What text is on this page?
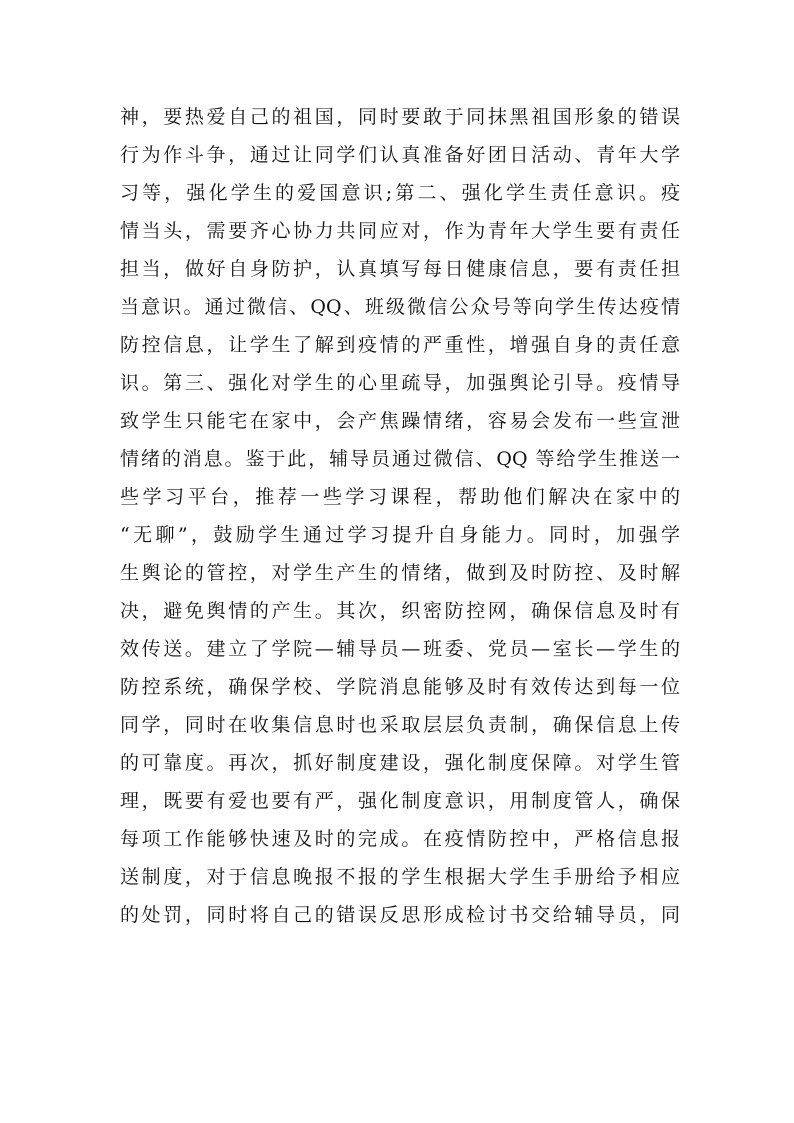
神，要热爱自己的祖国，同时要敢于同抹黑祖国形象的错误
行为作斗争，通过让同学们认真准备好团日活动、青年大学
习等，强化学生的爱国意识;第二、强化学生责任意识。疫
情当头，需要齐心协力共同应对，作为青年大学生要有责任
担当，做好自身防护，认真填写每日健康信息，要有责任担
当意识。通过微信、QQ、班级微信公众号等向学生传达疫情
防控信息，让学生了解到疫情的严重性，增强自身的责任意
识。第三、强化对学生的心里疏导，加强舆论引导。疫情导
致学生只能宅在家中，会产焦躁情绪，容易会发布一些宣泄
情绪的消息。鉴于此，辅导员通过微信、QQ 等给学生推送一
些学习平台，推荐一些学习课程，帮助他们解决在家中的
“无聊”，鼓励学生通过学习提升自身能力。同时，加强学
生舆论的管控，对学生产生的情绪，做到及时防控、及时解
决，避免舆情的产生。其次，织密防控网，确保信息及时有
效传送。建立了学院—辅导员—班委、党员—室长—学生的
防控系统，确保学校、学院消息能够及时有效传达到每一位
同学，同时在收集信息时也采取层层负责制，确保信息上传
的可靠度。再次，抓好制度建设，强化制度保障。对学生管
理，既要有爱也要有严，强化制度意识，用制度管人，确保
每项工作能够快速及时的完成。在疫情防控中，严格信息报
送制度，对于信息晚报不报的学生根据大学生手册给予相应
的处罚，同时将自己的错误反思形成检讨书交给辅导员，同
